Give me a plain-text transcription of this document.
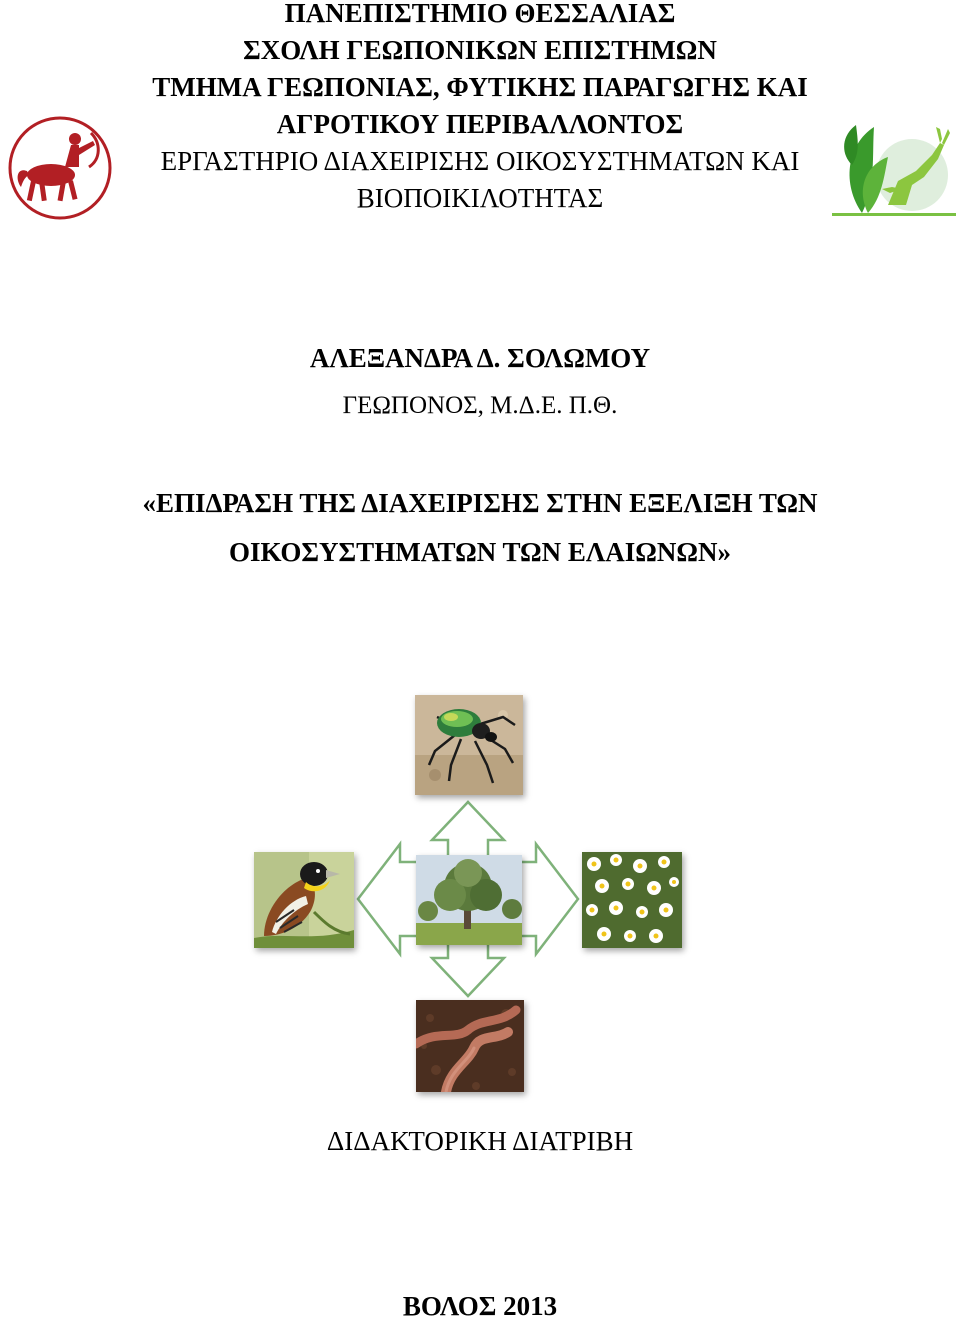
ΠΑΝΕΠΙΣΤΗΜΙΟ ΘΕΣΣΑΛΙΑΣ
ΣΧΟΛΗ ΓΕΩΠΟΝΙΚΩΝ ΕΠΙΣΤΗΜΩΝ
ΤΜΗΜΑ ΓΕΩΠΟΝΙΑΣ, ΦΥΤΙΚΗΣ ΠΑΡΑΓΩΓΗΣ ΚΑΙ
ΑΓΡΟΤΙΚΟΥ ΠΕΡΙΒΑΛΛΟΝΤΟΣ
ΕΡΓΑΣΤΗΡΙΟ ΔΙΑΧΕΙΡΙΣΗΣ ΟΙΚΟΣΥΣΤΗΜΑΤΩΝ ΚΑΙ
ΒΙΟΠΟΙΚΙΛΟΤΗΤΑΣ
ΑΛΕΞΑΝΔΡΑ Δ. ΣΟΛΩΜΟΥ
ΓΕΩΠΟΝΟΣ, Μ.Δ.Ε. Π.Θ.
«ΕΠΙΔΡΑΣΗ ΤΗΣ ΔΙΑΧΕΙΡΙΣΗΣ ΣΤΗΝ ΕΞΕΛΙΞΗ ΤΩΝ
ΟΙΚΟΣΥΣΤΗΜΑΤΩΝ ΤΩΝ ΕΛΑΙΩΝΩΝ»
ΔΙΔΑΚΤΟΡΙΚΗ ΔΙΑΤΡΙΒΗ
ΒΟΛΟΣ 2013
